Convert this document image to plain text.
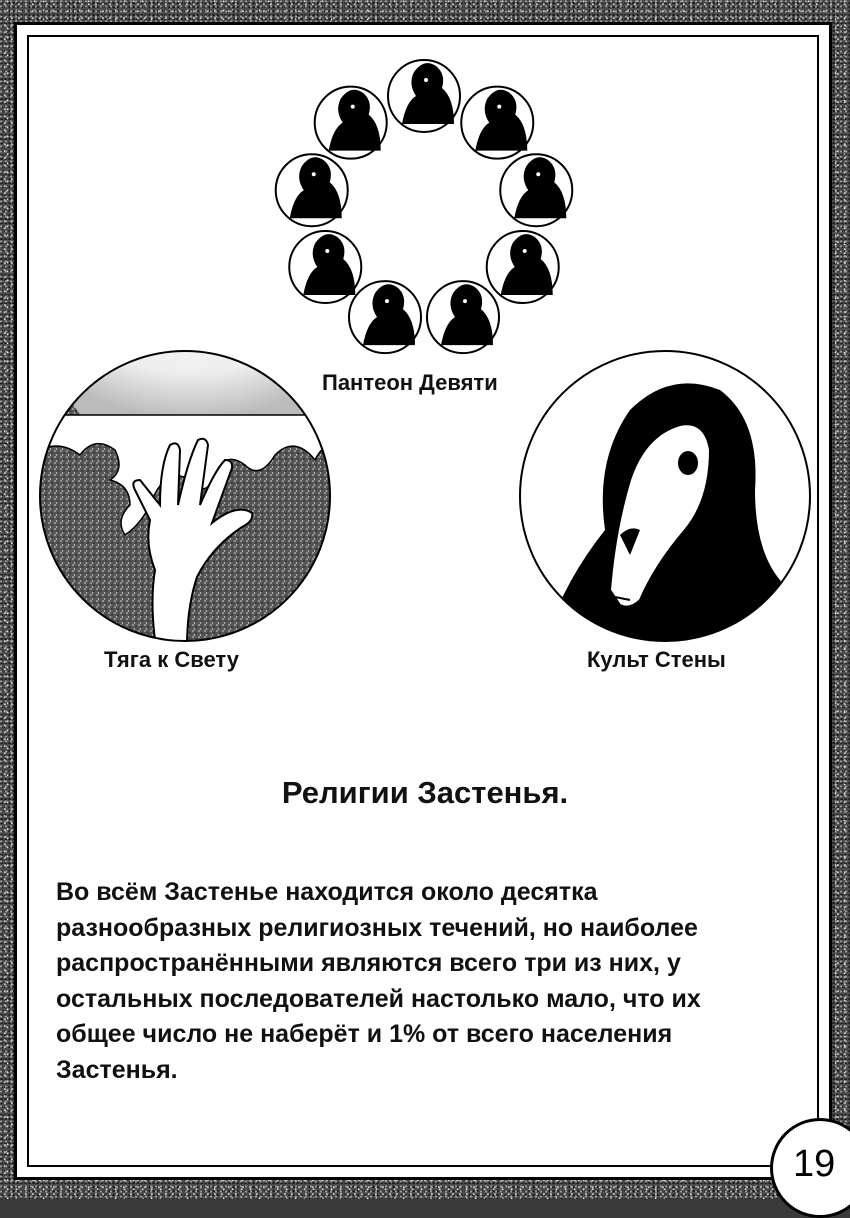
Пантеон Девяти
Тяга к Свету	Культ Стены
Религии Застенья.
Во всём Застенье находится около десятка
разнообразных религиозных течений, но наиболее
распространёнными являются всего три из них, у
остальных последователей настолько мало, что их
общее число не наберёт и 1% от всего населения
Застенья.
19
